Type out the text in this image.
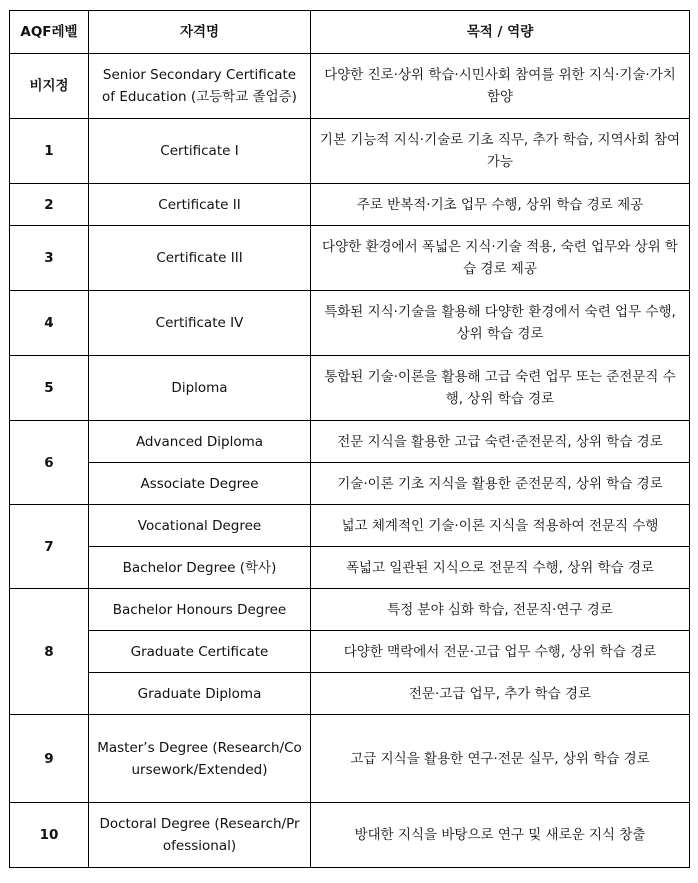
AQF레벨	자격명	목적 / 역량
비지정	Senior Secondary Certificate of Education (고등학교 졸업증)	다양한 진로·상위 학습·시민사회 참여를 위한 지식·기술·가치 함양
1	Certificate I	기본 기능적 지식·기술로 기초 직무, 추가 학습, 지역사회 참여 가능
2	Certificate II	주로 반복적·기초 업무 수행, 상위 학습 경로 제공
3	Certificate III	다양한 환경에서 폭넓은 지식·기술 적용, 숙련 업무와 상위 학습 경로 제공
4	Certificate IV	특화된 지식·기술을 활용해 다양한 환경에서 숙련 업무 수행, 상위 학습 경로
5	Diploma	통합된 기술·이론을 활용해 고급 숙련 업무 또는 준전문직 수행, 상위 학습 경로
6	Advanced Diploma	전문 지식을 활용한 고급 숙련·준전문직, 상위 학습 경로
	Associate Degree	기술·이론 기초 지식을 활용한 준전문직, 상위 학습 경로
7	Vocational Degree	넓고 체계적인 기술·이론 지식을 적용하여 전문직 수행
	Bachelor Degree (학사)	폭넓고 일관된 지식으로 전문직 수행, 상위 학습 경로
8	Bachelor Honours Degree	특정 분야 심화 학습, 전문직·연구 경로
	Graduate Certificate	다양한 맥락에서 전문·고급 업무 수행, 상위 학습 경로
	Graduate Diploma	전문·고급 업무, 추가 학습 경로
9	Master’s Degree (Research/Coursework/Extended)	고급 지식을 활용한 연구·전문 실무, 상위 학습 경로
10	Doctoral Degree (Research/Professional)	방대한 지식을 바탕으로 연구 및 새로운 지식 창출
